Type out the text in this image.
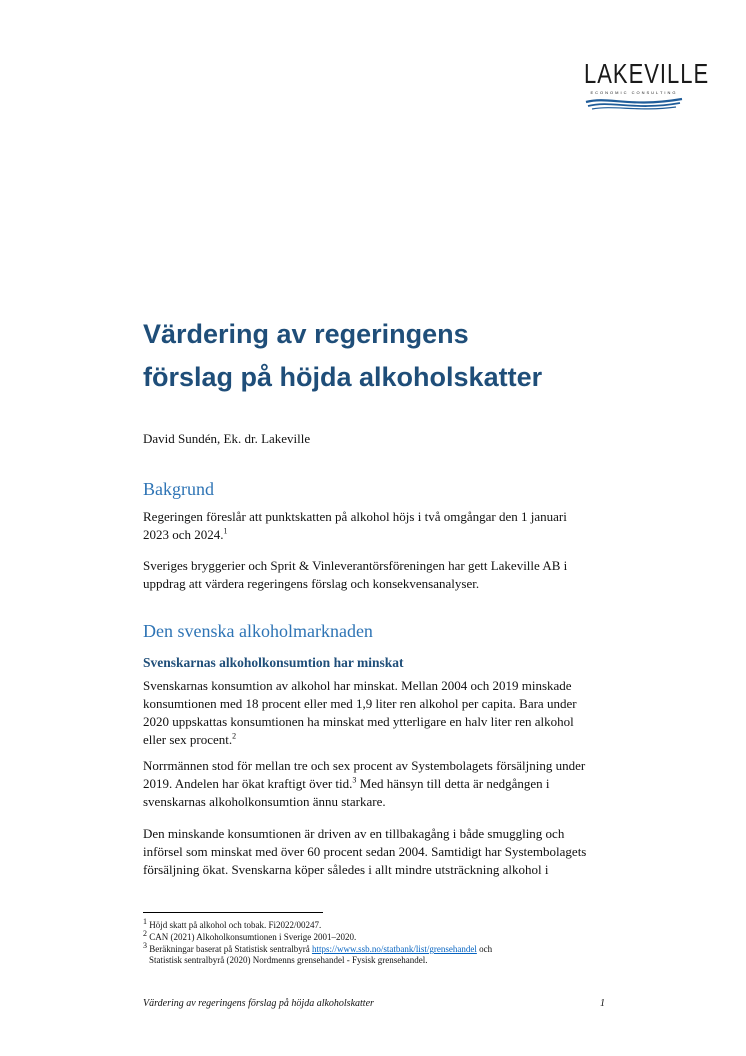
LAKEVILLE
ECONOMIC CONSULTING
Värdering av regeringens
förslag på höjda alkoholskatter

David Sundén, Ek. dr. Lakeville

Bakgrund

Regeringen föreslår att punktskatten på alkohol höjs i två omgångar den 1 januari
2023 och 2024.$^1$

Sveriges bryggerier och Sprit & Vinleverantörsföreningen har gett Lakeville AB i
uppdrag att värdera regeringens förslag och konsekvensanalyser.

Den svenska alkoholmarknaden
Svenskarnas alkoholkonsumtion har minskat

Svenskarnas konsumtion av alkohol har minskat. Mellan 2004 och 2019 minskade
konsumtionen med 18 procent eller med 1,9 liter ren alkohol per capita. Bara under
2020 uppskattas konsumtionen ha minskat med ytterligare en halv liter ren alkohol
eller sex procent.$^2$

Norrmännen stod för mellan tre och sex procent av Systembolagets försäljning under
2019. Andelen har ökat kraftigt över tid.$^3$ Med hänsyn till detta är nedgången i
svenskarnas alkoholkonsumtion ännu starkare.

Den minskande konsumtionen är driven av en tillbakagång i både smuggling och
införsel som minskat med över 60 procent sedan 2004. Samtidigt har Systembolagets
försäljning ökat. Svenskarna köper således i allt mindre utsträckning alkohol i

$^1$ Höjd skatt på alkohol och tobak. Fi2022/00247.

$^2$ CAN (2021) Alkoholkonsumtionen i Sverige 2001–2020.

$^3$ Beräkningar baserat på Statistisk sentralbyrå https://www.ssb.no/statbank/list/grensehandel och
Statistisk sentralbyrå (2020) Nordmenns grensehandel - Fysisk grensehandel.

Värdering av regeringens förslag på höjda alkoholskatter	1
